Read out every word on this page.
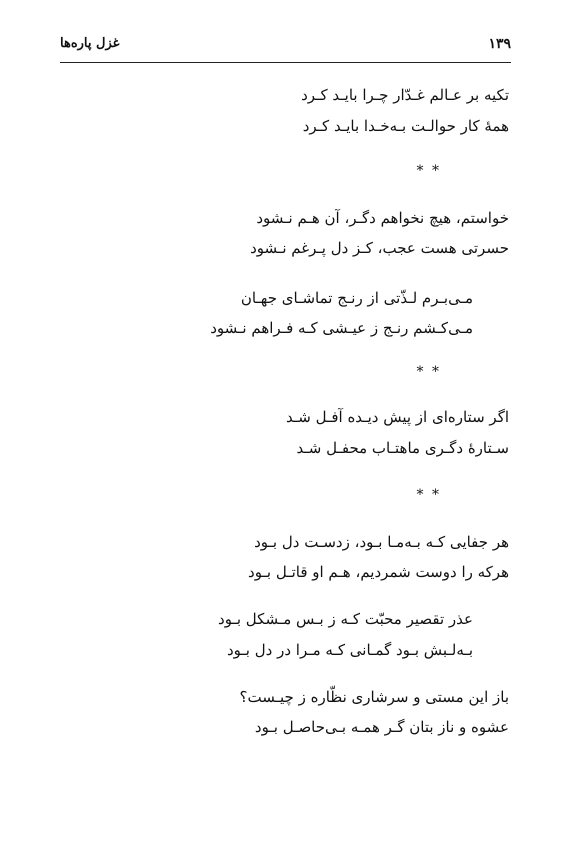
۱۳۹
غزل پاره‌ها
تکیه بر عـالم غـدّار چـرا بایـد کـرد
همهٔ کار حوالـت بـه‌خـدا بایـد کـرد
* *
خواستم، هیچ نخواهم دگـر، آن هـم نـشود
حسرتی هست عجب، کـز دل پـرغم نـشود
مـی‌بـرم لـذّتی از رنـج تماشـای جهـان
مـی‌کـشم رنـج ز عیـشی کـه فـراهم نـشود
* *
اگر ستاره‌ای از پیش دیـده آفـل شـد
سـتارهٔ دگـری ماهتـاب محفـل شـد
* *
هر جفایی کـه بـه‌مـا بـود، زدسـت دل بـود
هرکه را دوست شمردیم، هـم او قاتـل بـود
عذر تقصیر محبّت کـه ز بـس مـشکل بـود
بـه‌لـبش بـود گمـانی کـه مـرا در دل بـود
باز این مستی و سرشاری نظّاره ز چیـست؟
عشوه و ناز بتان گـر همـه بـی‌حاصـل بـود
